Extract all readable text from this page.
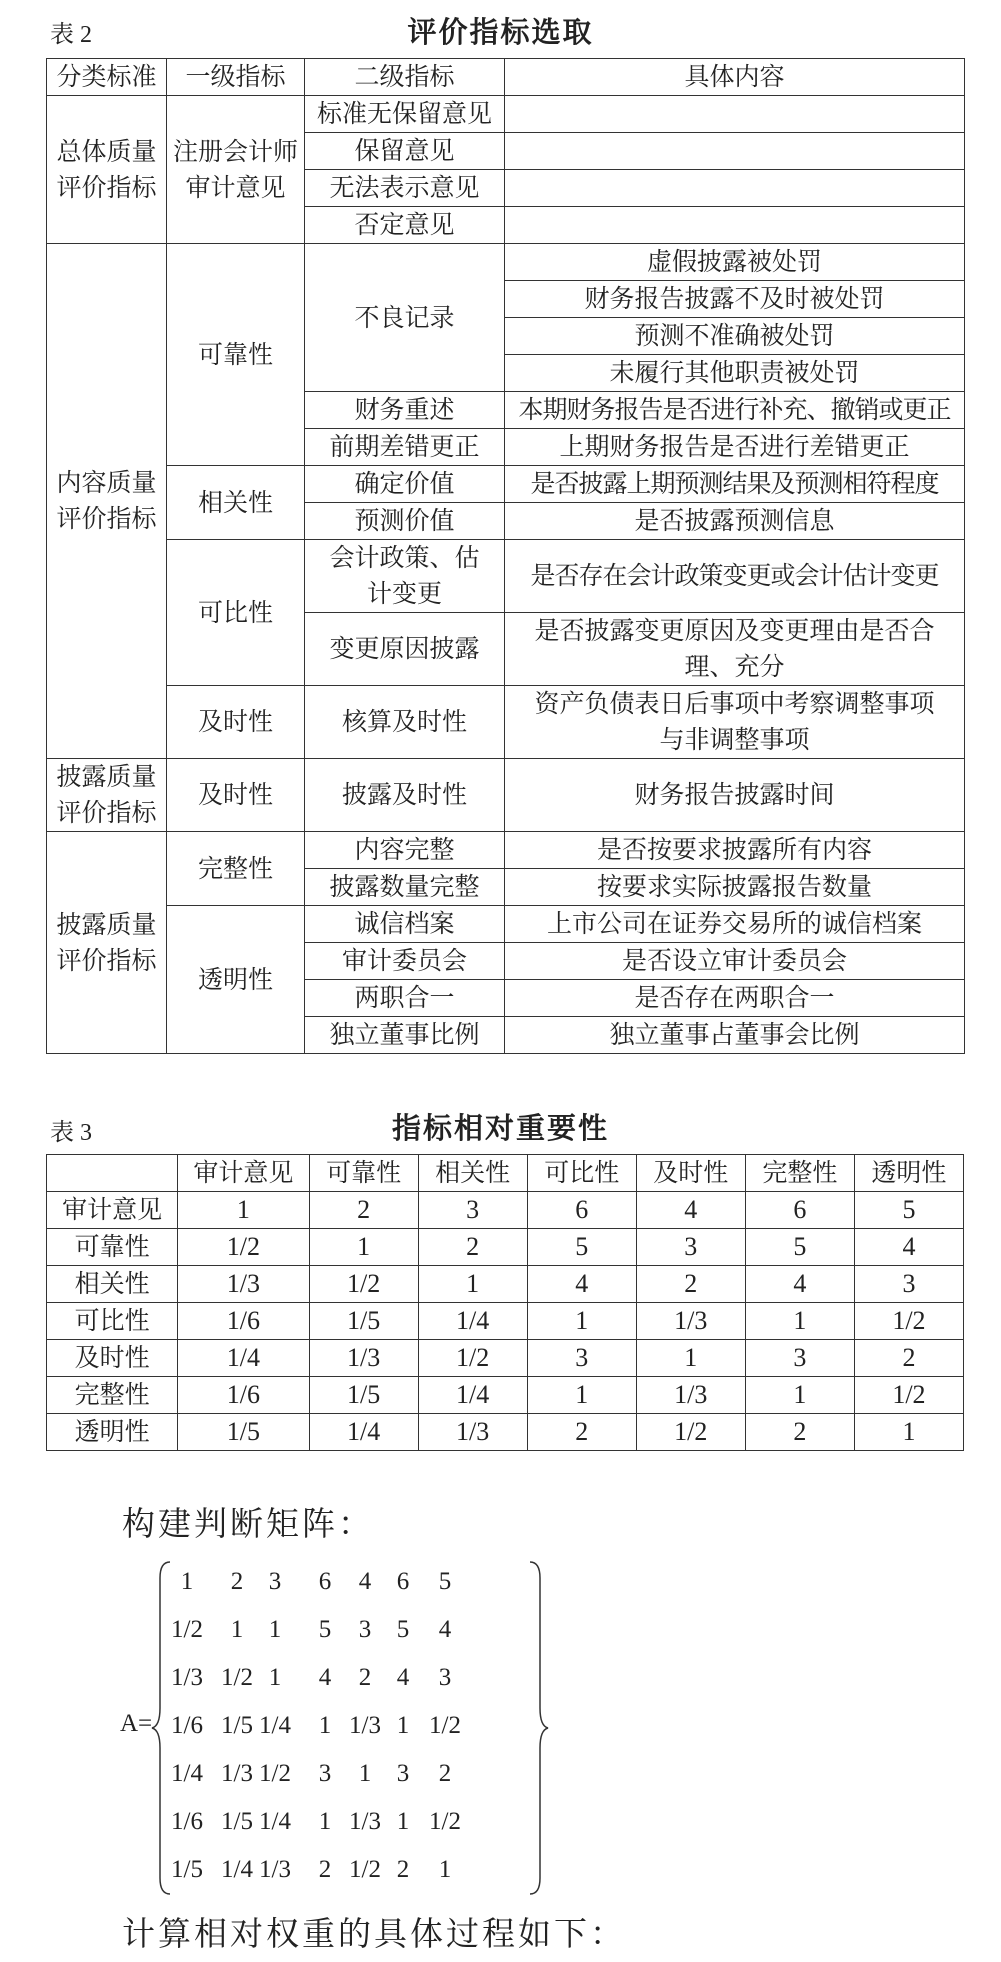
表 2	评价指标选取
分类标准	一级指标	二级指标	具体内容
总体质量评价指标	注册会计师审计意见	标准无保留意见	
		保留意见	
		无法表示意见	
		否定意见	
内容质量评价指标	可靠性	不良记录	虚假披露被处罚
			财务报告披露不及时被处罚
			预测不准确被处罚
			未履行其他职责被处罚
		财务重述	本期财务报告是否进行补充、撤销或更正
		前期差错更正	上期财务报告是否进行差错更正
	相关性	确定价值	是否披露上期预测结果及预测相符程度
		预测价值	是否披露预测信息
	可比性	会计政策、估计变更	是否存在会计政策变更或会计估计变更
		变更原因披露	是否披露变更原因及变更理由是否合理、充分

	及时性	核算及时性	资产负债表日后事项中考察调整事项与非调整事项

披露质量评价指标	及时性	披露及时性	财务报告披露时间
披露质量评价指标	完整性	内容完整	是否按要求披露所有内容
		披露数量完整	按要求实际披露报告数量
	透明性	诚信档案	上市公司在证券交易所的诚信档案
		审计委员会	是否设立审计委员会
		两职合一	是否存在两职合一
		独立董事比例	独立董事占董事会比例
表 3	指标相对重要性
	审计意见	可靠性	相关性	可比性	及时性	完整性	透明性
审计意见	1	2	3	6	4	6	5
可靠性	1/2	1	2	5	3	5	4
相关性	1/3	1/2	1	4	2	4	3
可比性	1/6	1/5	1/4	1	1/3	1	1/2
及时性	1/4	1/3	1/2	3	1	3	2
完整性	1/6	1/5	1/4	1	1/3	1	1/2
透明性	1/5	1/4	1/3	2	1/2	2	1
构建判断矩阵：
A=
1	2	3	6	4	6	5
1/2	1	1	5	3	5	4
1/3 1/2 1	4	2	4	3
1/6 1/5 1/4	1 1/3 1 1/2
1/4 1/3 1/2	3	1	3	2
1/6 1/5 1/4	1 1/3 1 1/2
1/5 1/4 1/3	2 1/2 2	1
计算相对权重的具体过程如下：
